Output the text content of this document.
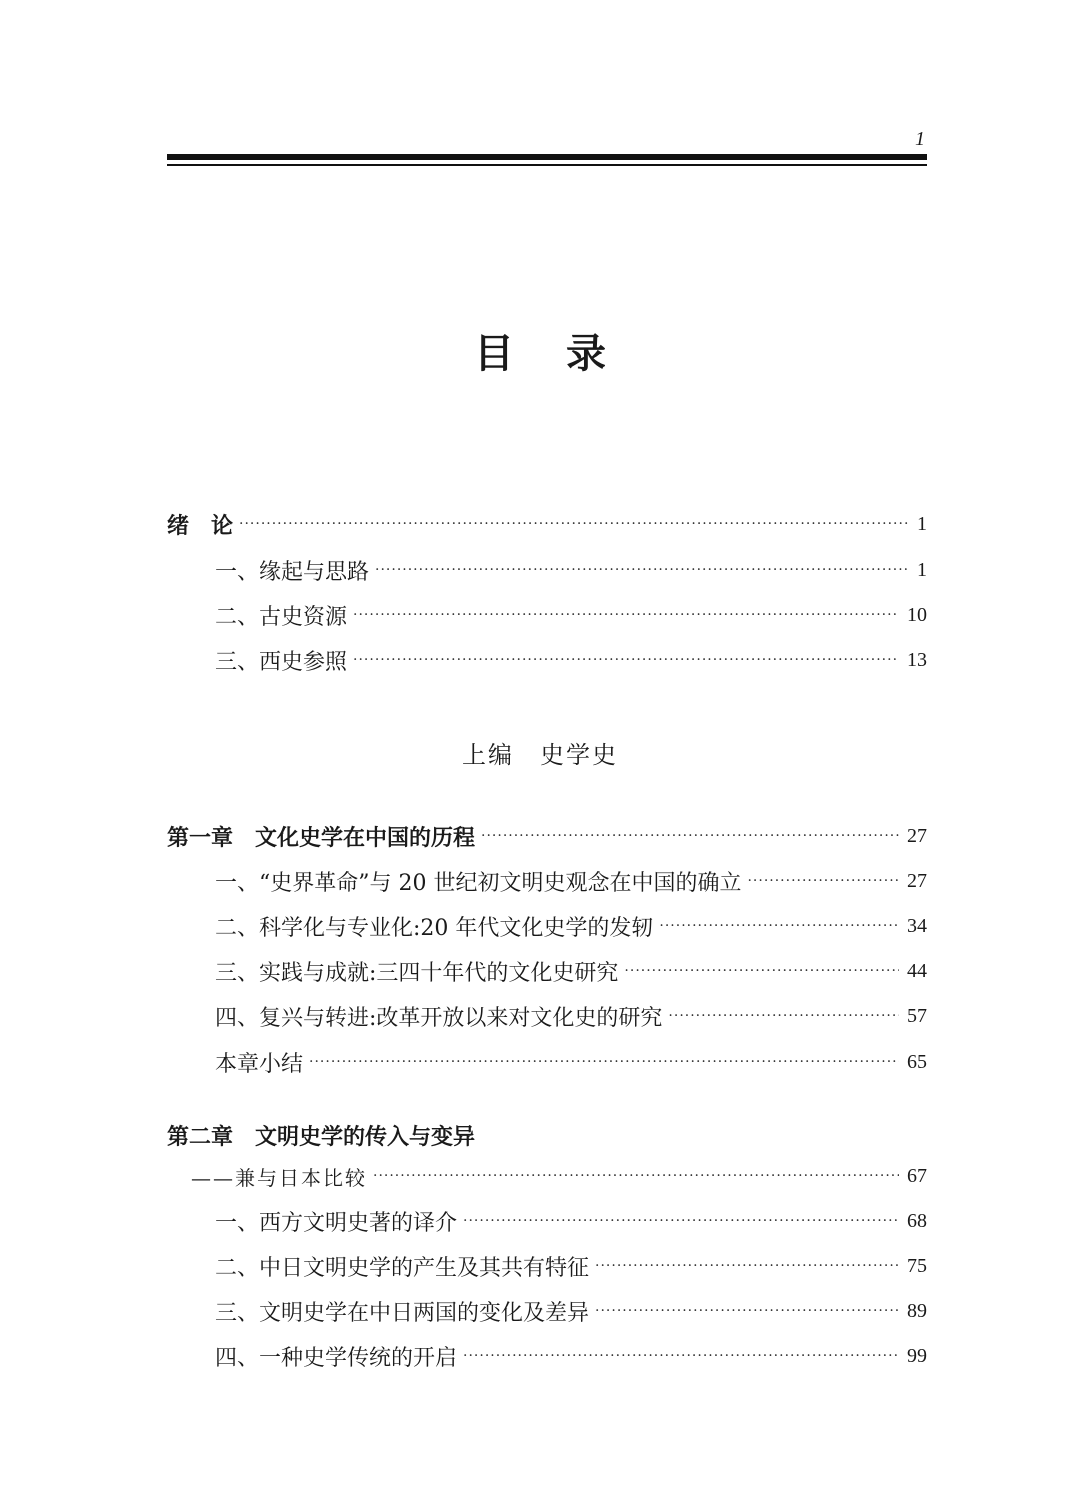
1
目录
绪　论 ·····	1
一、缘起与思路 ·····	1
二、古史资源 ·····	10
三、西史参照 ·····	13
上编　史学史
第一章　文化史学在中国的历程 ·····	27
一、“史界革命”与 20 世纪初文明史观念在中国的确立 ·····	27
二、科学化与专业化:20 年代文化史学的发轫 ·····	34
三、实践与成就:三四十年代的文化史研究 ·····	44
四、复兴与转进:改革开放以来对文化史的研究 ·····	57
本章小结 ·····	65
第二章　文明史学的传入与变异
——兼与日本比较 ·····	67
一、西方文明史著的译介 ·····	68
二、中日文明史学的产生及其共有特征 ·····	75
三、文明史学在中日两国的变化及差异 ·····	89
四、一种史学传统的开启 ·····	99
